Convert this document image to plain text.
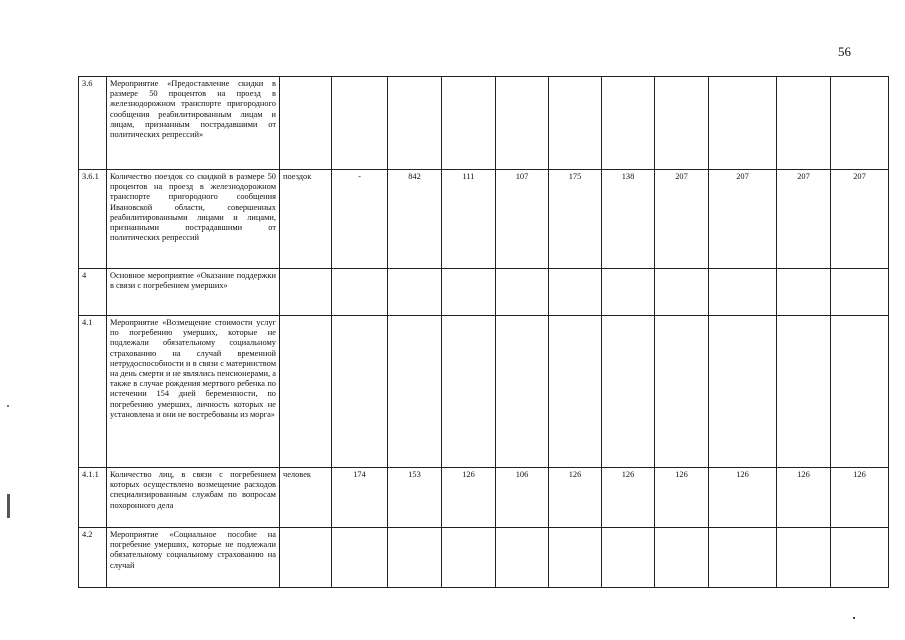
56
3.6	Мероприятие «Предоставление скидки в размере 50 процентов на проезд в железнодорожном транспорте пригородного сообщения реабилитированным лицам и лицам, признанным пострадавшими от политических репрессий»											
3.6.1	Количество поездок со скидкой в размере 50 процентов на проезд в железнодорожном транспорте пригородного сообщения Ивановской области, совершенных реабилитированными лицами и лицами, признанными пострадавшими от политических репрессий	поездок	-	842	111	107	175	138	207	207	207	207
4	Основное мероприятие «Оказание поддержки в связи с погребением умерших»											
4.1	Мероприятие «Возмещение стоимости услуг по погребению умерших, которые не подлежали обязательному социальному страхованию на случай временной нетрудоспособности и в связи с материнством на день смерти и не являлись пенсионерами, а также в случае рождения мертвого ребенка по истечении 154 дней беременности, по погребению умерших, личность которых не установлена и они не востребованы из морга»											
4.1.1	Количество лиц, в связи с погребением которых осуществлено возмещение расходов специализированным службам по вопросам похоронного дела	человек	174	153	126	106	126	126	126	126	126	126
4.2	Мероприятие «Социальное пособие на погребение умерших, которые не подлежали обязательному социальному страхованию на случай											
